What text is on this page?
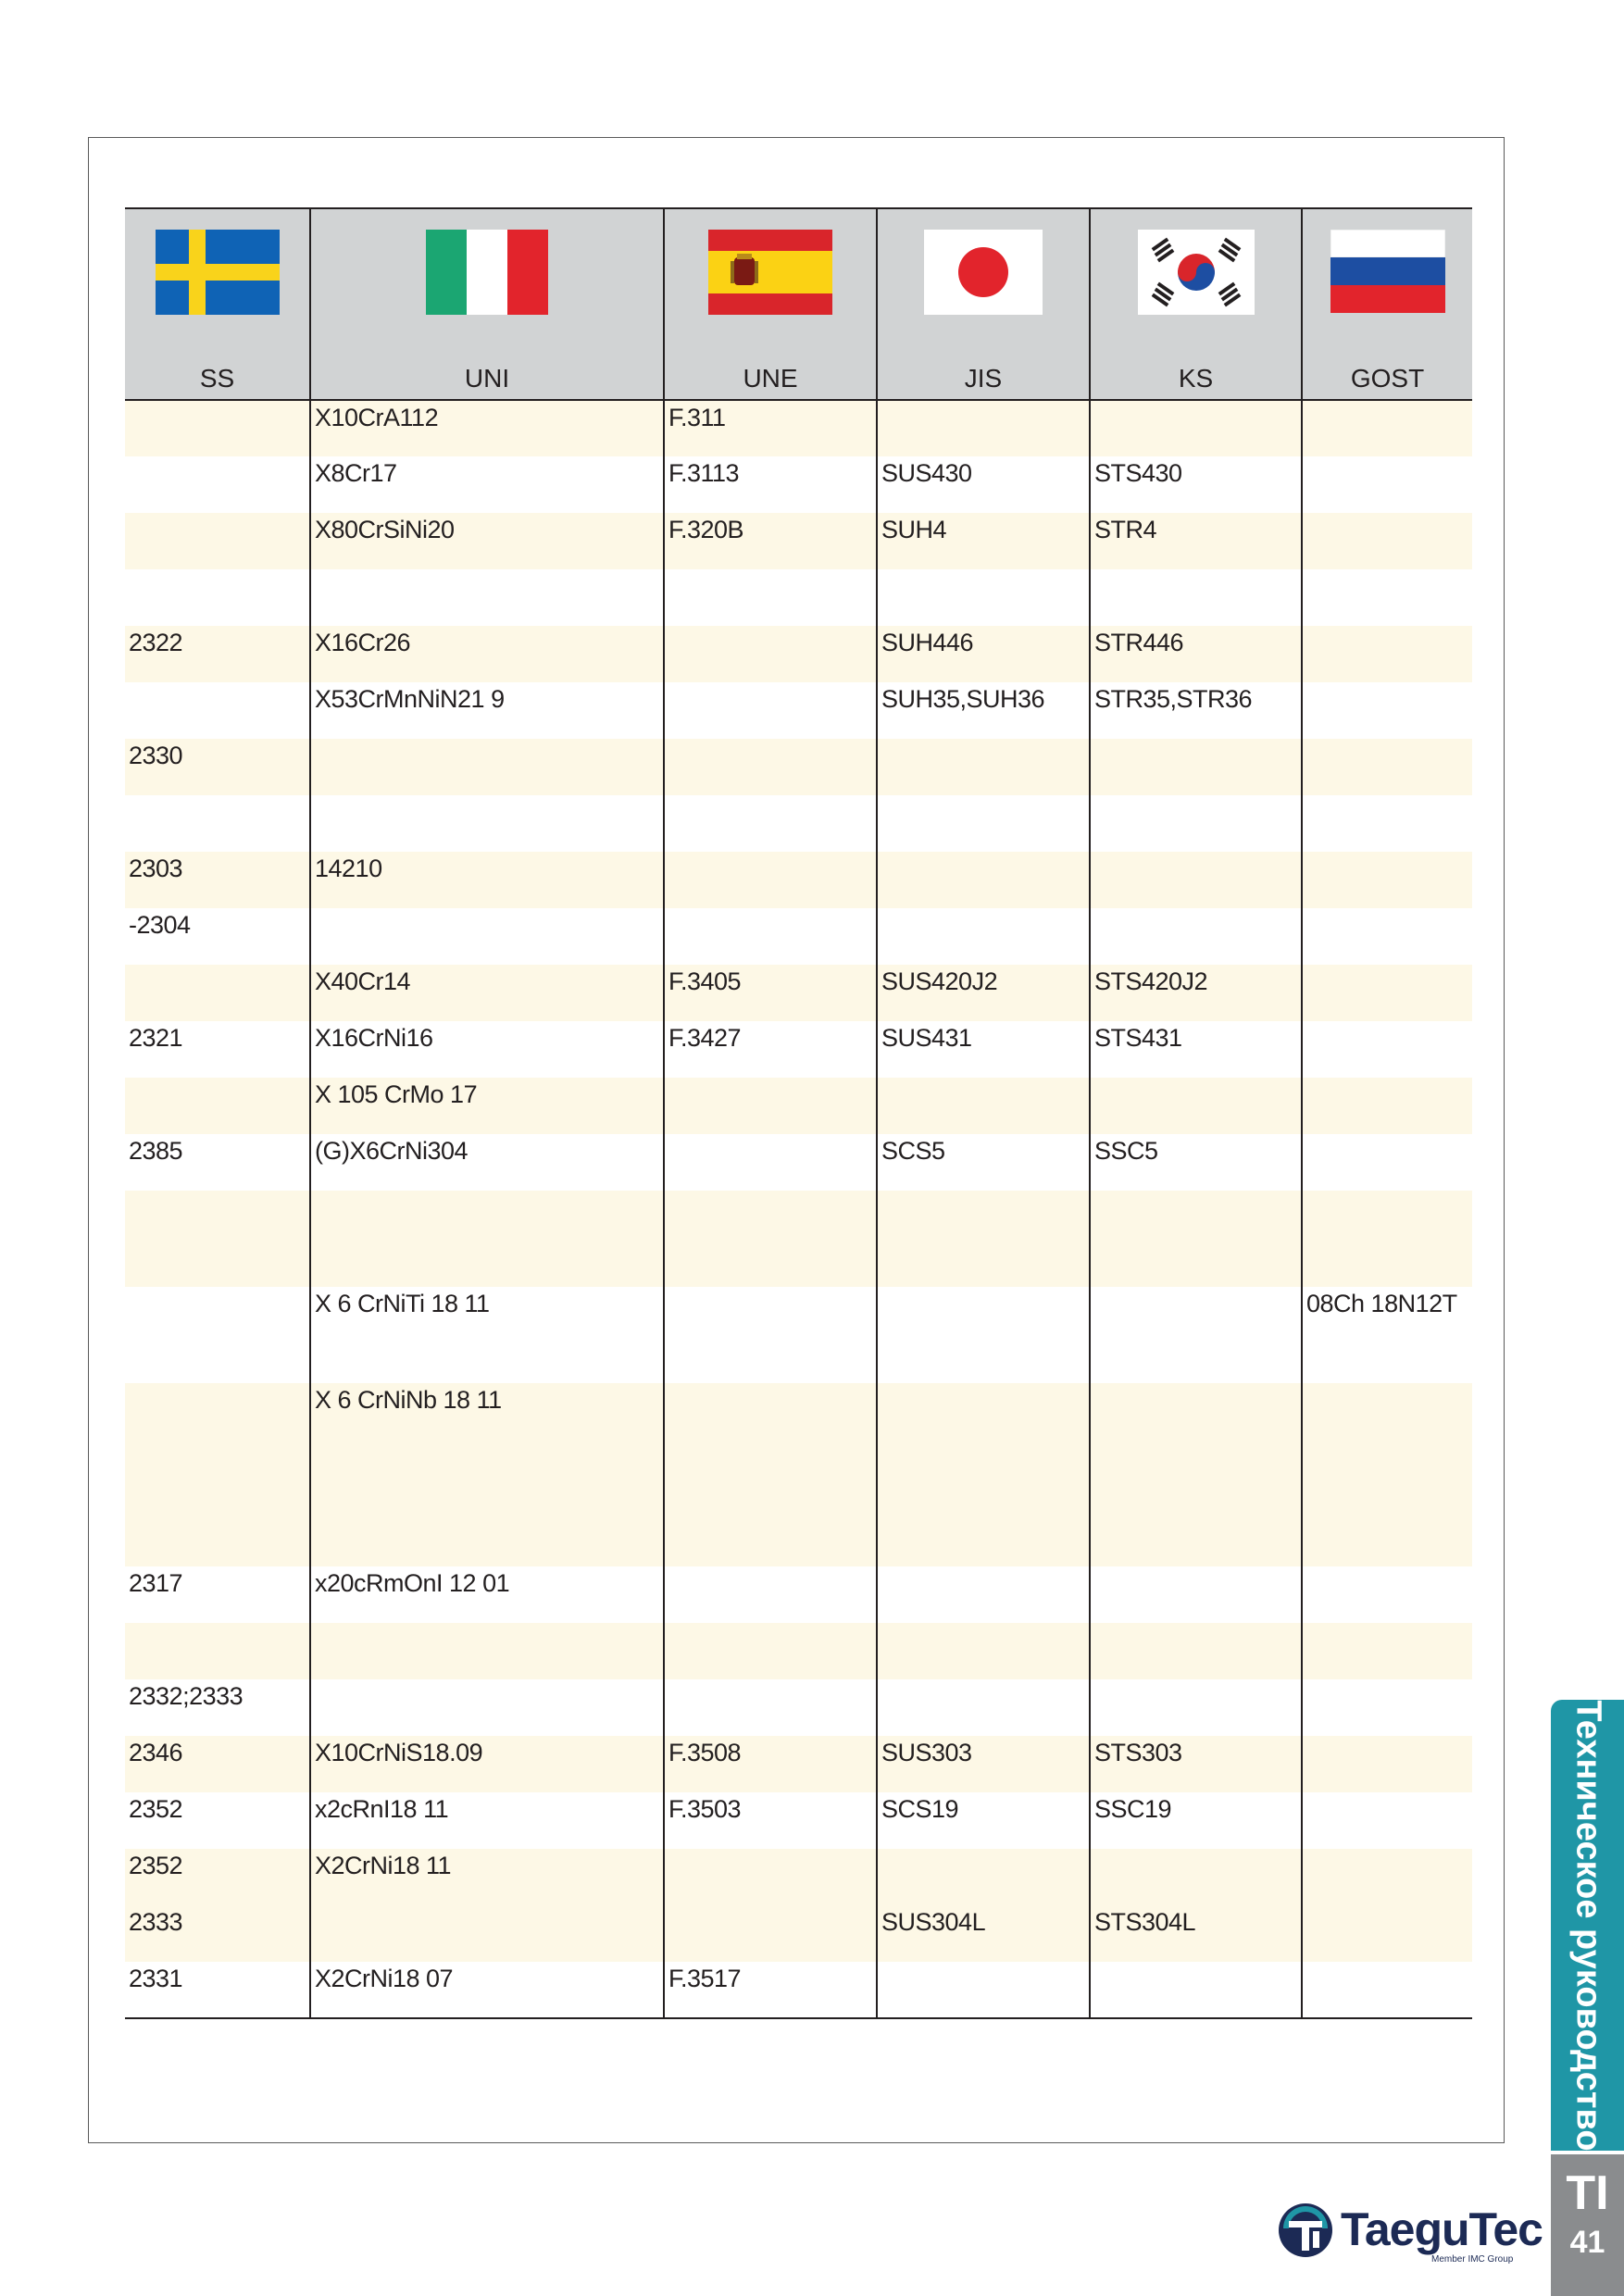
SS	UNI	UNE	JIS	KS	GOST
	X10CrA112	F.311			
	X8Cr17	F.3113	SUS430	STS430	
	X80CrSiNi20	F.320B	SUH4	STR4	

2322	X16Cr26		SUH446	STR446	
	X53CrMnNiN21 9		SUH35,SUH36	STR35,STR36	
2330					

2303	14210				
-2304					
	X40Cr14	F.3405	SUS420J2	STS420J2	
2321	X16CrNi16	F.3427	SUS431	STS431	
	X 105 CrMo 17				
2385	(G)X6CrNi304		SCS5	SSC5	

	X 6 CrNiTi 18 11				08Ch 18N12T
	X 6 CrNiNb 18 11				
2317	x20cRmOnI 12 01				

2332;2333					
2346	X10CrNiS18.09	F.3508	SUS303	STS303	
2352	x2cRnI18 11	F.3503	SCS19	SSC19	
2352	X2CrNi18 11				
2333			SUS304L	STS304L	
2331	X2CrNi18 07	F.3517				Техническое руководство
TI
41
TaeguTec
Member IMC Group
